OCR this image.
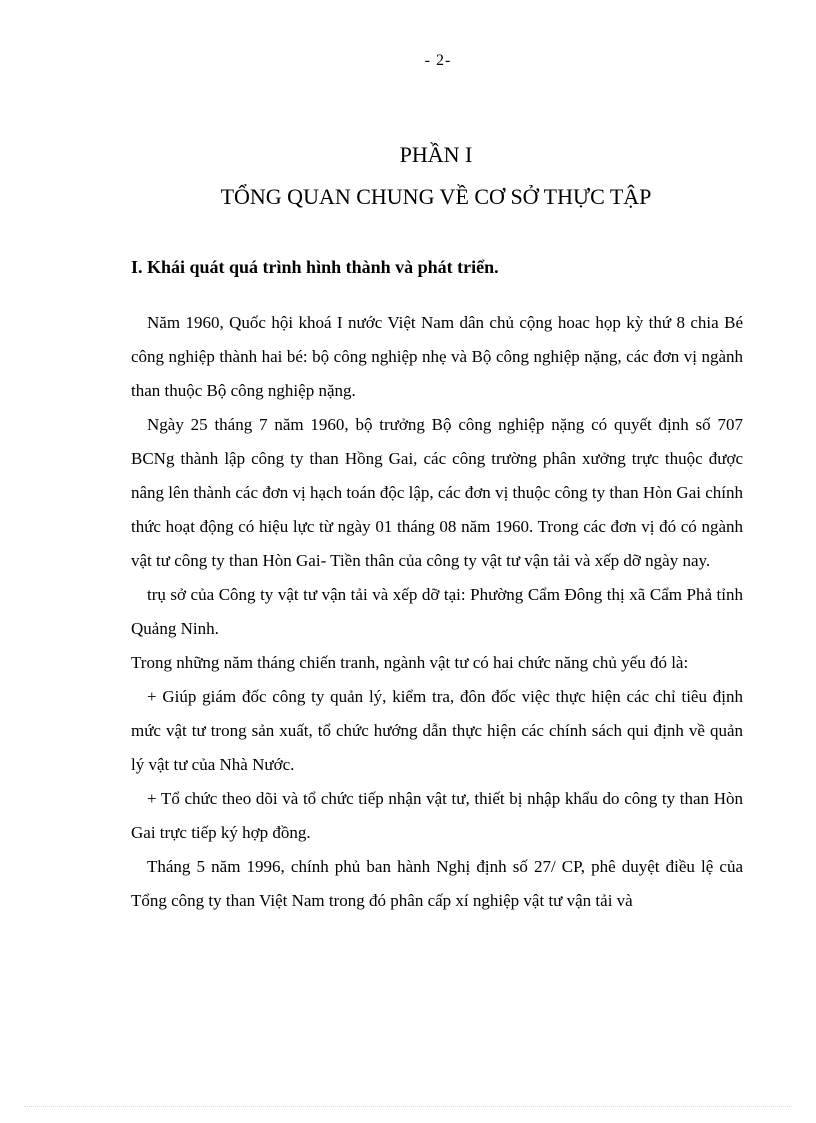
- 2-
PHẦN I
TỔNG QUAN CHUNG VỀ CƠ SỞ THỰC TẬP
I. Khái quát quá trình hình thành và phát triển.

Năm 1960, Quốc hội khoá I nước Việt Nam dân chủ cộng hoac họp kỳ thứ 8 chia Bé công nghiệp thành hai bé: bộ công nghiệp nhẹ và Bộ công nghiệp nặng, các đơn vị ngành than thuộc Bộ công nghiệp nặng.

Ngày 25 tháng 7 năm 1960, bộ trưởng Bộ công nghiệp nặng có quyết định số 707 BCNg thành lập công ty than Hồng Gai, các công trường phân xưởng trực thuộc được nâng lên thành các đơn vị hạch toán độc lập, các đơn vị thuộc công ty than Hòn Gai chính thức hoạt động có hiệu lực từ ngày 01 tháng 08 năm 1960. Trong các đơn vị đó có ngành vật tư công ty than Hòn Gai- Tiền thân của công ty vật tư vận tải và xếp dỡ ngày nay.

trụ sở của Công ty vật tư vận tải và xếp dỡ tại: Phường Cẩm Đông thị xã Cẩm Phả tỉnh Quảng Ninh.

Trong những năm tháng chiến tranh, ngành vật tư có hai chức năng chủ yếu đó là:

+ Giúp giám đốc công ty quản lý, kiểm tra, đôn đốc việc thực hiện các chỉ tiêu định mức vật tư trong sản xuất, tổ chức hướng dẫn thực hiện các chính sách qui định về quản lý vật tư của Nhà Nước.

+ Tổ chức theo dõi và tổ chức tiếp nhận vật tư, thiết bị nhập khẩu do công ty than Hòn Gai trực tiếp ký hợp đồng.

Tháng 5 năm 1996, chính phủ ban hành Nghị định số 27/ CP, phê duyệt điều lệ của Tổng công ty than Việt Nam trong đó phân cấp xí nghiệp vật tư vận tải và
